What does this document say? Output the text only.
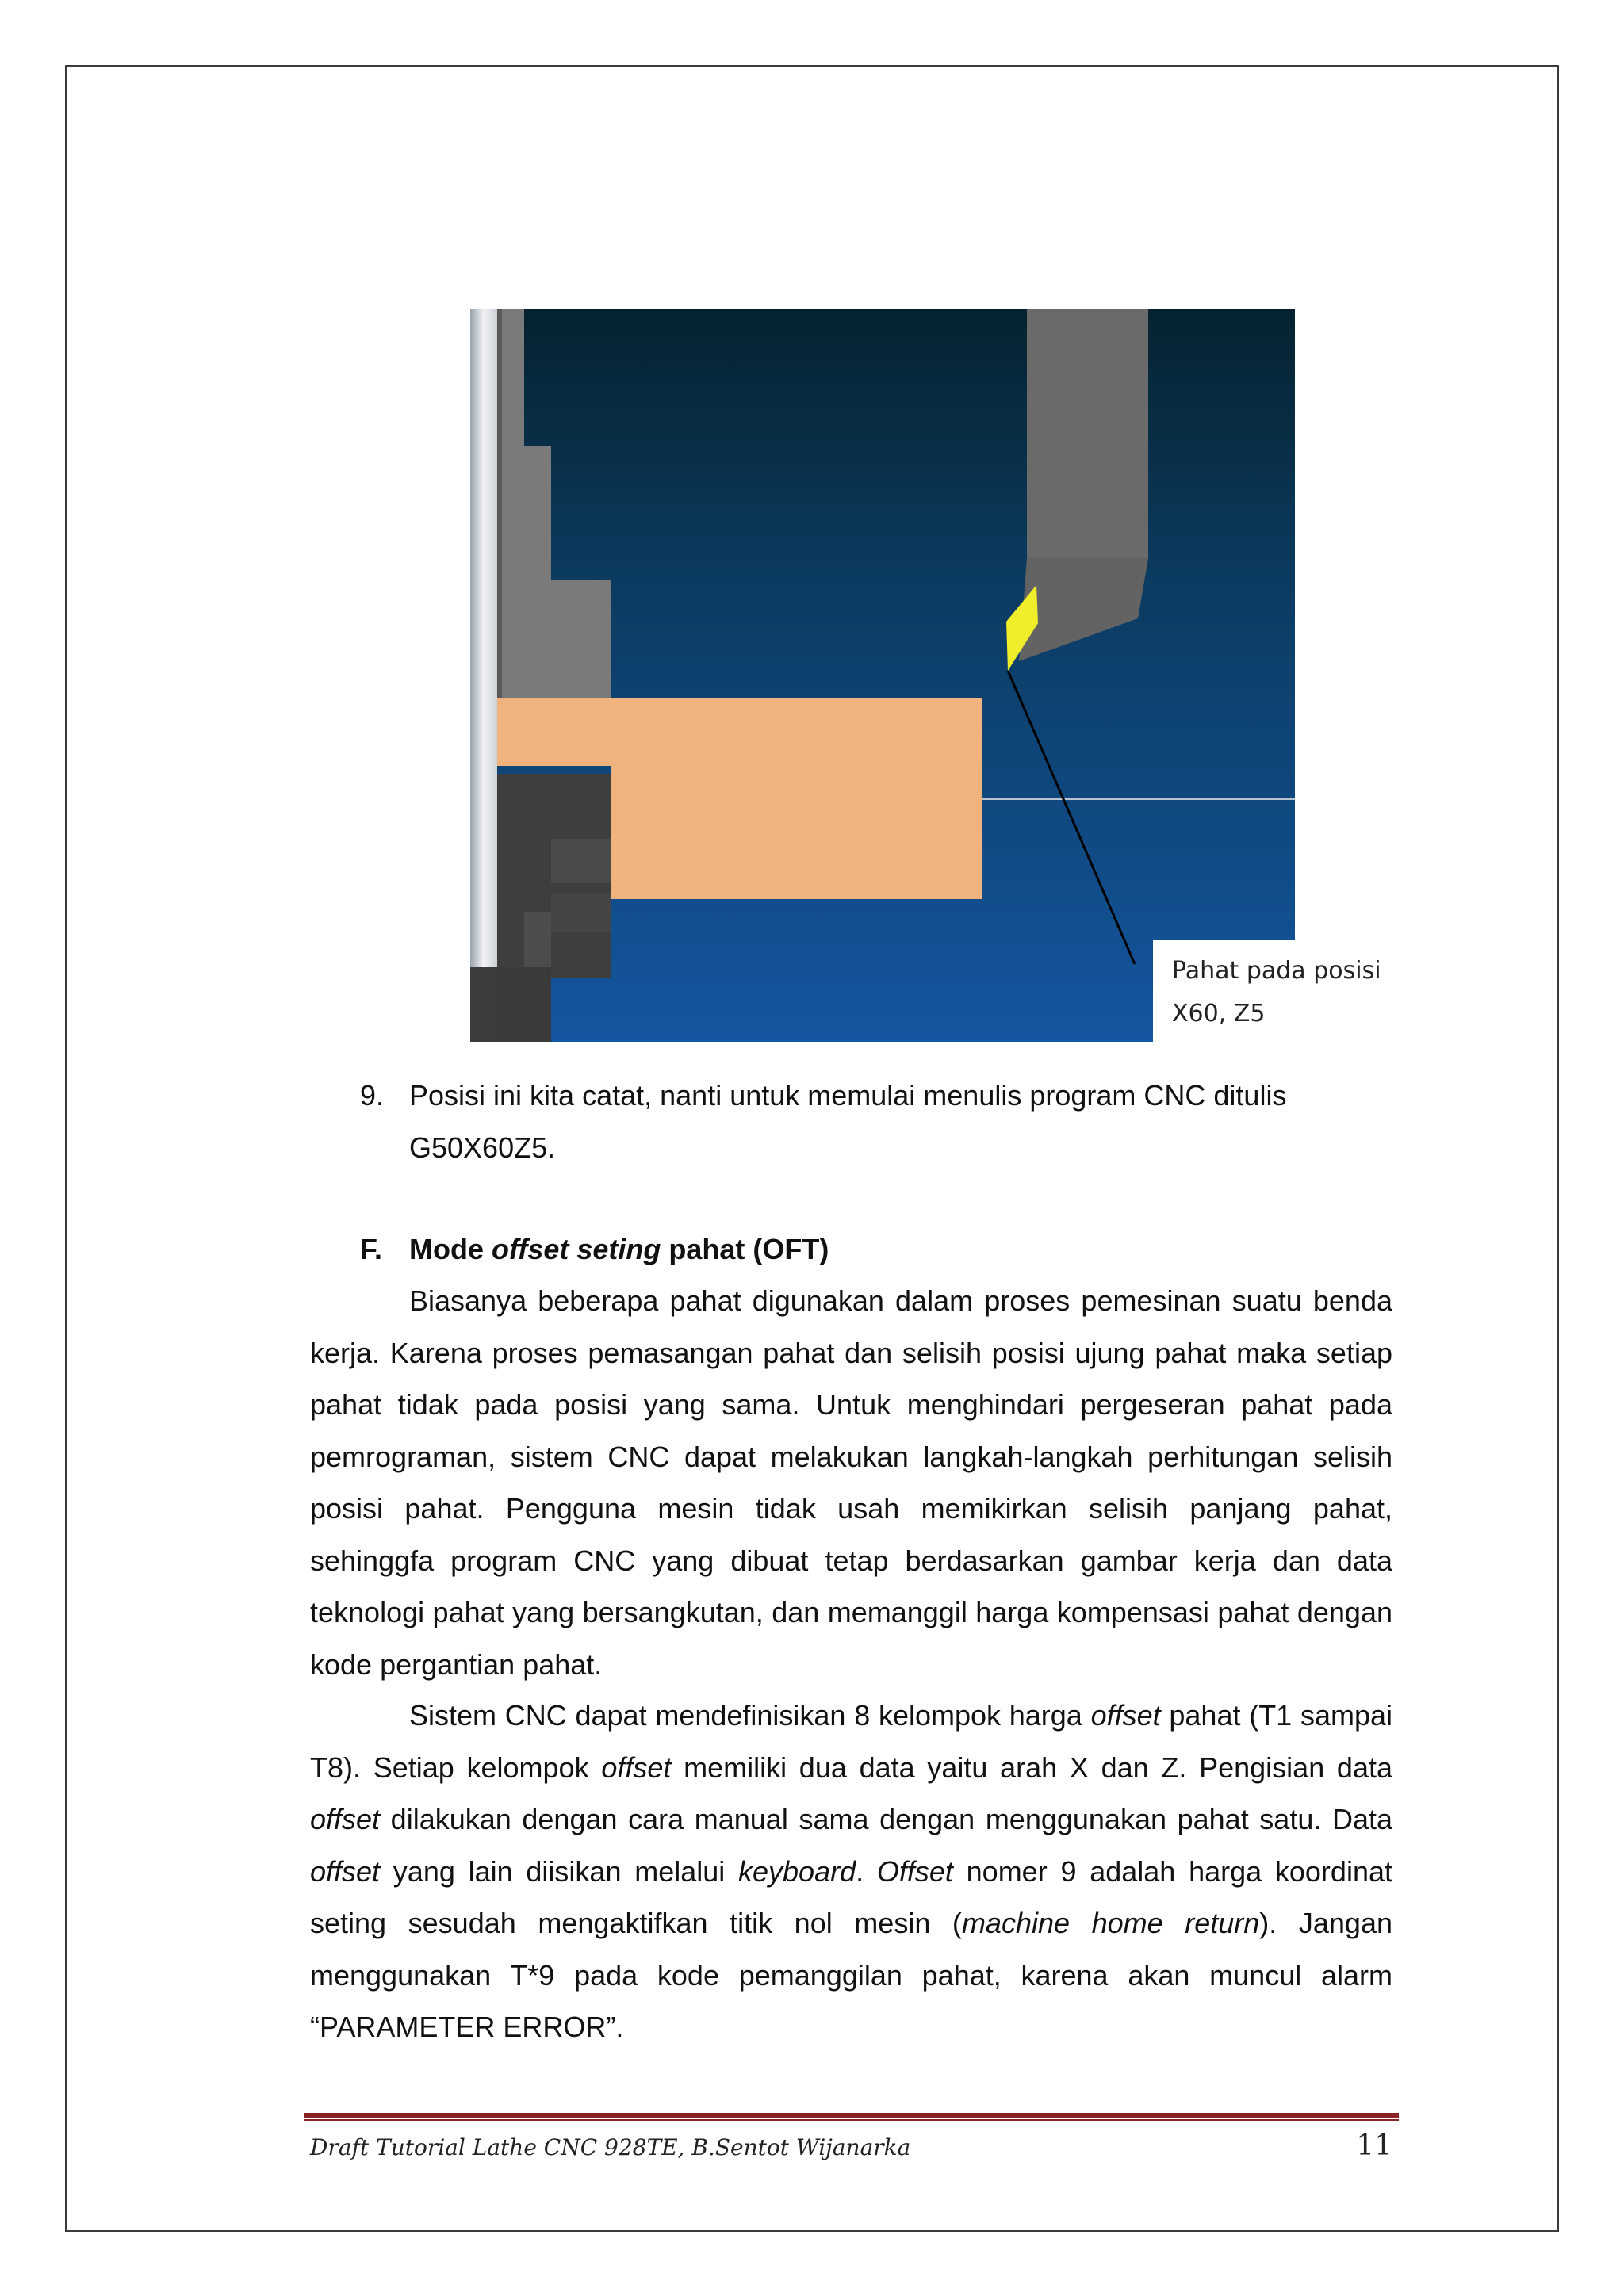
Pahat pada posisi
X60, Z5
9. Posisi ini kita catat, nanti untuk memulai menulis program CNC ditulis G50X60Z5.
F. Mode offset seting pahat (OFT)
Biasanya beberapa pahat digunakan dalam proses pemesinan suatu benda kerja. Karena proses pemasangan pahat dan selisih posisi ujung pahat maka setiap pahat tidak pada posisi yang sama. Untuk menghindari pergeseran pahat pada pemrograman, sistem CNC dapat melakukan langkah-langkah perhitungan selisih posisi pahat. Pengguna mesin tidak usah memikirkan selisih panjang pahat, sehinggfa program CNC yang dibuat tetap berdasarkan gambar kerja dan data teknologi pahat yang bersangkutan, dan memanggil harga kompensasi pahat dengan kode pergantian pahat.
Sistem CNC dapat mendefinisikan 8 kelompok harga offset pahat (T1 sampai T8). Setiap kelompok offset memiliki dua data yaitu arah X dan Z. Pengisian data offset dilakukan dengan cara manual sama dengan menggunakan pahat satu. Data offset yang lain diisikan melalui keyboard. Offset nomer 9 adalah harga koordinat seting sesudah mengaktifkan titik nol mesin (machine home return). Jangan menggunakan T*9 pada kode pemanggilan pahat, karena akan muncul alarm “PARAMETER ERROR”.
Draft Tutorial Lathe CNC 928TE, B.Sentot Wijanarka	11
